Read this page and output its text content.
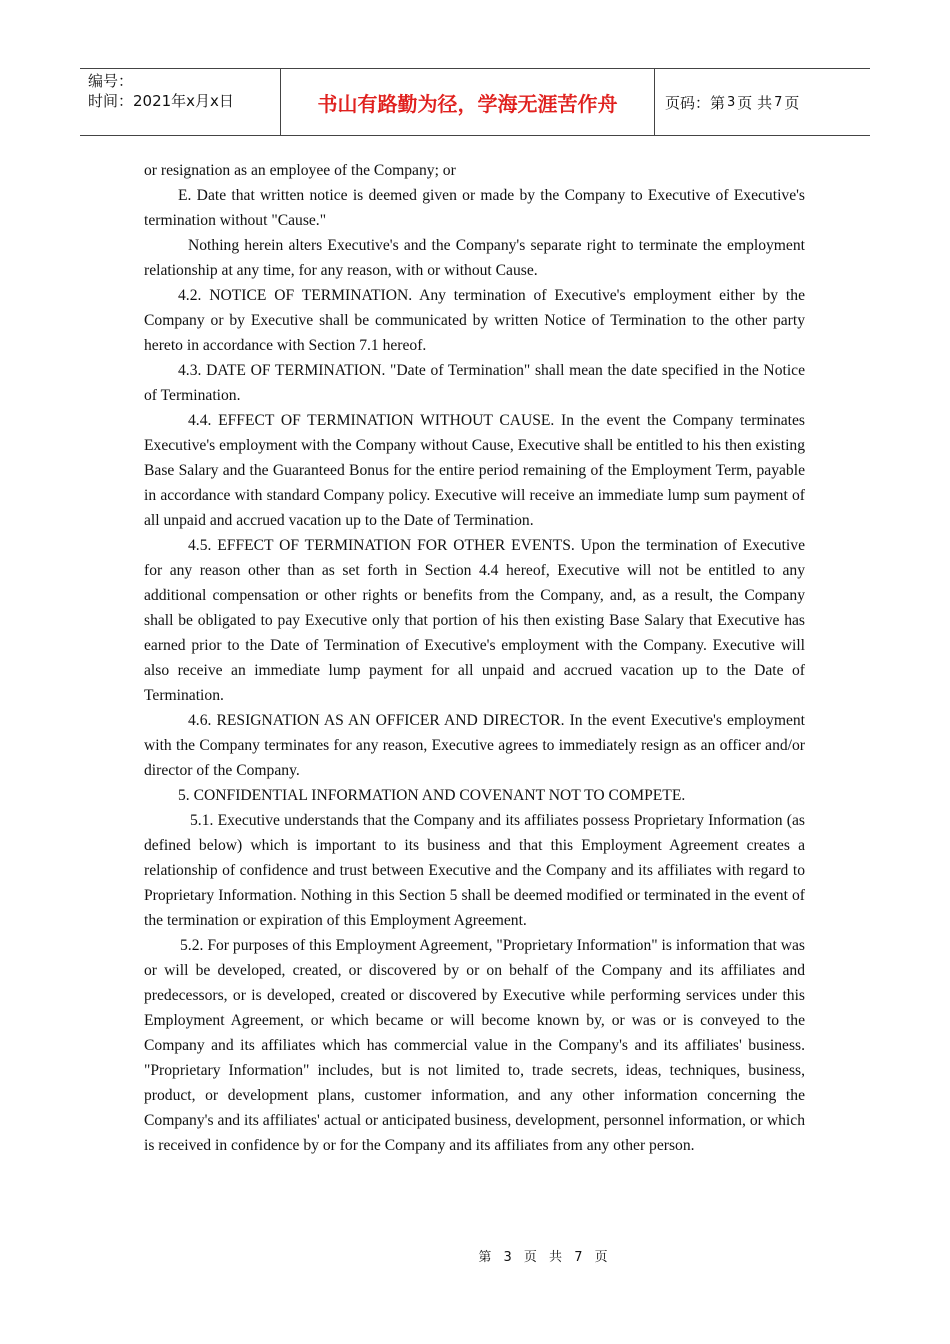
编号：
时间：2021年x月x日	书山有路勤为径，学海无涯苦作舟	页码：第 3 页 共 7 页

or resignation as an employee of the Company; or

E. Date that written notice is deemed given or made by the Company to Executive of Executive's termination without "Cause."

Nothing herein alters Executive's and the Company's separate right to terminate the employment relationship at any time, for any reason, with or without Cause.

4.2. NOTICE OF TERMINATION. Any termination of Executive's employment either by the Company or by Executive shall be communicated by written Notice of Termination to the other party hereto in accordance with Section 7.1 hereof.

4.3. DATE OF TERMINATION. "Date of Termination" shall mean the date specified in the Notice of Termination.

4.4. EFFECT OF TERMINATION WITHOUT CAUSE. In the event the Company terminates Executive's employment with the Company without Cause, Executive shall be entitled to his then existing Base Salary and the Guaranteed Bonus for the entire period remaining of the Employment Term, payable in accordance with standard Company policy. Executive will receive an immediate lump sum payment of all unpaid and accrued vacation up to the Date of Termination.

4.5. EFFECT OF TERMINATION FOR OTHER EVENTS. Upon the termination of Executive for any reason other than as set forth in Section 4.4 hereof, Executive will not be entitled to any additional compensation or other rights or benefits from the Company, and, as a result, the Company shall be obligated to pay Executive only that portion of his then existing Base Salary that Executive has earned prior to the Date of Termination of Executive's employment with the Company. Executive will also receive an immediate lump payment for all unpaid and accrued vacation up to the Date of Termination.

4.6. RESIGNATION AS AN OFFICER AND DIRECTOR. In the event Executive's employment with the Company terminates for any reason, Executive agrees to immediately resign as an officer and/or director of the Company.

5. CONFIDENTIAL INFORMATION AND COVENANT NOT TO COMPETE.

5.1. Executive understands that the Company and its affiliates possess Proprietary Information (as defined below) which is important to its business and that this Employment Agreement creates a relationship of confidence and trust between Executive and the Company and its affiliates with regard to Proprietary Information. Nothing in this Section 5 shall be deemed modified or terminated in the event of the termination or expiration of this Employment Agreement.

5.2. For purposes of this Employment Agreement, "Proprietary Information" is information that was or will be developed, created, or discovered by or on behalf of the Company and its affiliates and predecessors, or is developed, created or discovered by Executive while performing services under this Employment Agreement, or which became or will become known by, or was or is conveyed to the Company and its affiliates which has commercial value in the Company's and its affiliates' business. "Proprietary Information" includes, but is not limited to, trade secrets, ideas, techniques, business, product, or development plans, customer information, and any other information concerning the Company's and its affiliates' actual or anticipated business, development, personnel information, or which is received in confidence by or for the Company and its affiliates from any other person.

第 3 页 共 7 页
